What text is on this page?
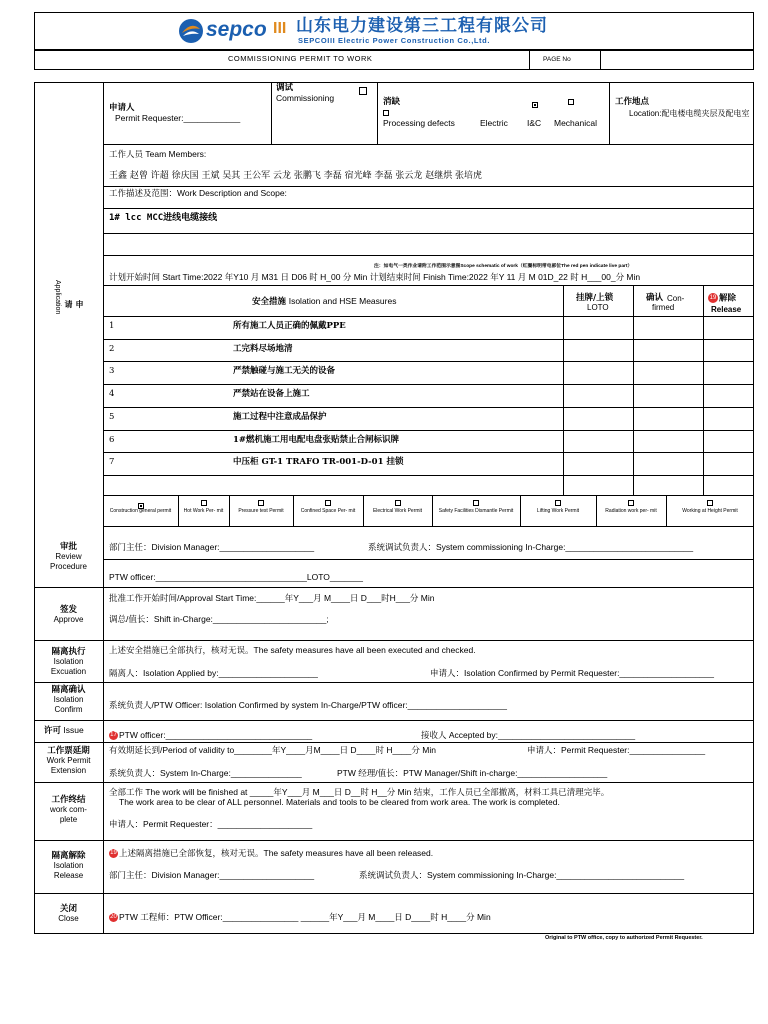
sepco III 山东电力建设第三工程有限公司
SEPCOIII Electric Power Construction Co.,Ltd.
COMMISSIONING PERMIT TO WORK	PAGE No
申请
Application
申请人
Permit Requester:____________
调试
Commissioning	消缺
Processing defects	Electric I&C Mechanical
工作地点
Location:配电楼电缆夹层及配电室
工作人员 Team Members:
王鑫 赵曾 许超 徐庆国 王斌 吴其 王公军 云龙 张鹏飞 李磊 宿光峰 李磊 张云龙 赵继烘 张培虎
工作描述及范围：Work Description and Scope:
1# lcc MCC进线电缆接线
注：如电气一类作业请附工作范围示意图Scope schematic of work（红圈标明带电部位The red pen indicate live part）
计划开始时间 Start Time:2022 年Y10 月 M31 日 D06 时 H_00 分 Min 计划结束时间 Finish Time:2022 年Y 11 月 M 01D_22 时 H___00_分 Min
安全措施 Isolation and HSE Measures	挂牌/上锁
LOTO
确认 Con- firmed
19 解除
Release
1	所有施工人员正确的佩戴PPE
2	工完料尽场地清
3	严禁触碰与施工无关的设备
4	严禁站在设备上施工
5	施工过程中注意成品保护
6	1#燃机施工用电配电盘张贴禁止合闸标识牌
7	中压柜 GT-1 TRAFO TR-001-D-01 挂锁
Construction general permit	Hot Work Per- mit	Pressure test Permit	Confined Space Per- mit	Electrical Work Permit	Safety Facilities Dismantle Permit	Lifting Work Permit	Radiation work per- mit	Working at Height Permit
审批
Review Procedure
部门主任：Division Manager:____________________	系统调试负责人：System commissioning In-Charge:___________________________
PTW officer:________________________________LOTO_______
签发
Approve
批准工作开始时间/Approval Start Time:______年Y___月 M____日 D___时H___分 Min
调总/值长：Shift in-Charge:________________________;
隔离执行
Isolation Excuation
上述安全措施已全部执行，核对无误。The safety measures have all been executed and checked.
隔离人：Isolation Applied by:_____________________	申请人：Isolation Confirmed by Permit Requester:____________________
隔离确认
Isolation Confirm	系统负责人/PTW Officer: Isolation Confirmed by system In-Charge/PTW officer:_____________________
许可 Issue
17 PTW officer:_______________________________	接收人 Accepted by:_____________________________
工作票延期
Work Permit Extension
有效期延长到/Period of validity to________年Y____月M____日 D____时 H____分 Min	申请人：Permit Requester:________________
系统负责人：System In-Charge:_______________	PTW 经理/值长：PTW Manager/Shift in-charge:___________________
工作终结
work com- plete
全部工作 The work will be finished at _____年Y___月 M___日 D__时 H__分 Min 结束，工作人员已全部撤离，材料工具已清理完毕。
The work area to be clear of ALL personnel. Materials and tools to be cleared from work area. The work is completed.
申请人：Permit Requester：____________________
隔离解除
Isolation Release
19 上述隔离措施已全部恢复，核对无误。The safety measures have all been released.
部门主任：Division Manager:____________________	系统调试负责人：System commissioning In-Charge:___________________________
关闭
Close	20 PTW 工程师：PTW Officer:________________ ______年Y___月 M____日 D____时 H____分 Min
Original to PTW office, copy to authorized Permit Requester.
